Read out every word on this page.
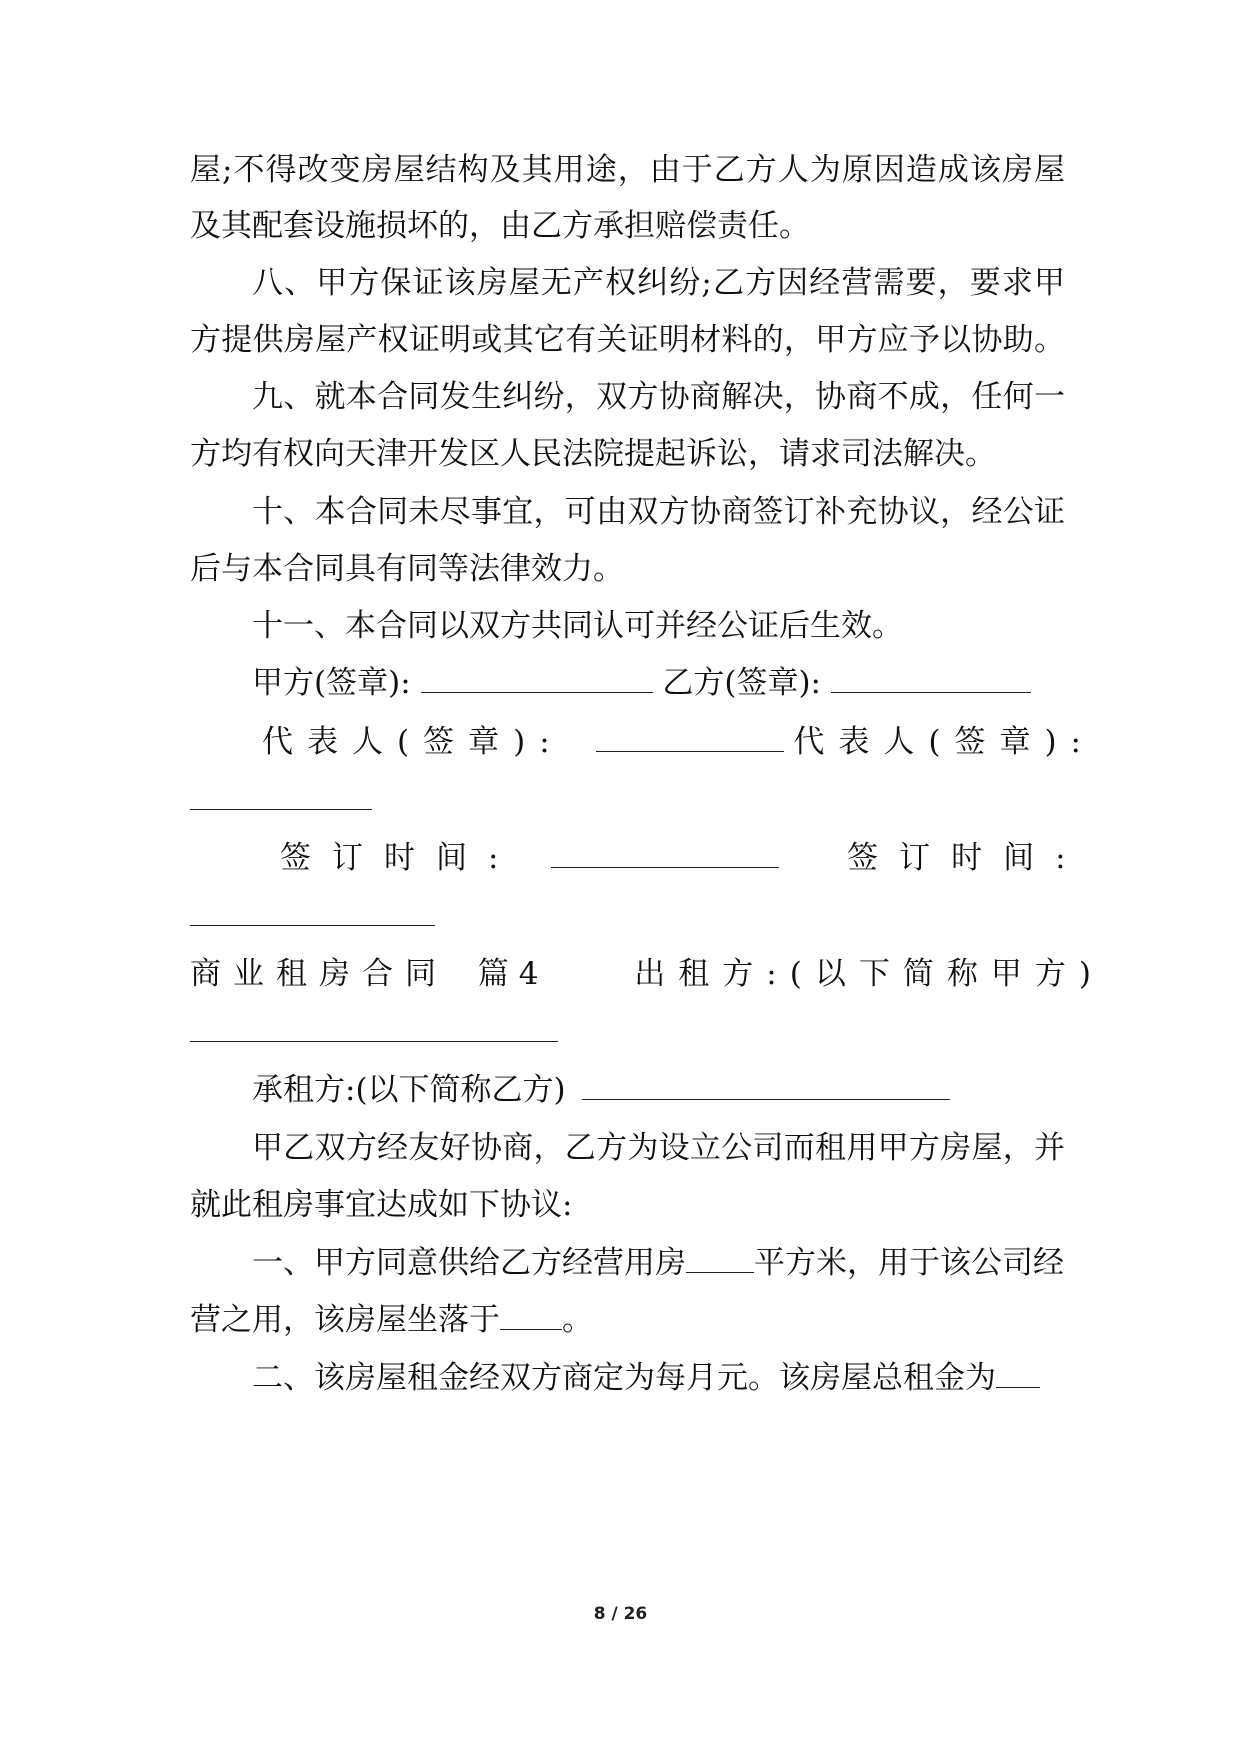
屋;不得改变房屋结构及其用途，由于乙方人为原因造成该房屋
及其配套设施损坏的，由乙方承担赔偿责任。
八、甲方保证该房屋无产权纠纷;乙方因经营需要，要求甲
方提供房屋产权证明或其它有关证明材料的，甲方应予以协助。
九、就本合同发生纠纷，双方协商解决，协商不成，任何一
方均有权向天津开发区人民法院提起诉讼，请求司法解决。
十、本合同未尽事宜，可由双方协商签订补充协议，经公证
后与本合同具有同等法律效力。
十一、本合同以双方共同认可并经公证后生效。
甲方(签章):	乙方(签章):
代表人(签章):	代表人(签章):
签订时间:	签订时间:
商业租房合同 篇 4	出租方:(以下简称甲方)
承租方:(以下简称乙方)
甲乙双方经友好协商，乙方为设立公司而租用甲方房屋，并
就此租房事宜达成如下协议:
一、甲方同意供给乙方经营用房 平方米，用于该公司经
营之用，该房屋坐落于 。
二、该房屋租金经双方商定为每月元。该房屋总租金为
8 / 26
